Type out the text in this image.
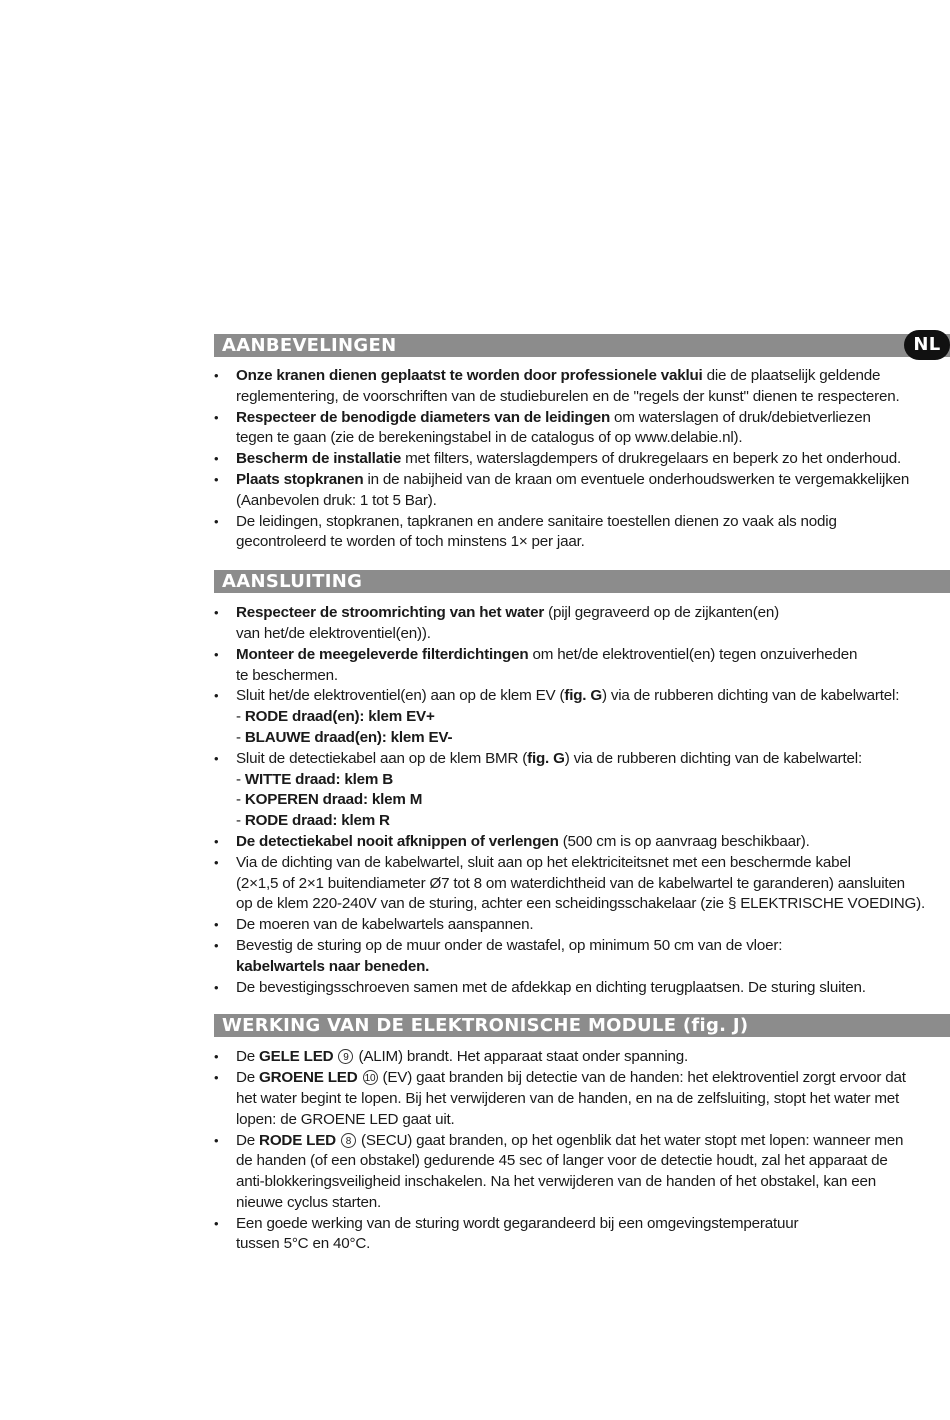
AANBEVELINGEN	NL
• Onze kranen dienen geplaatst te worden door professionele vaklui die de plaatselijk geldende
reglementering, de voorschriften van de studieburelen en de "regels der kunst" dienen te respecteren.
• Respecteer de benodigde diameters van de leidingen om waterslagen of druk/debietverliezen
tegen te gaan (zie de berekeningstabel in de catalogus of op www.delabie.nl).
• Bescherm de installatie met filters, waterslagdempers of drukregelaars en beperk zo het onderhoud.
• Plaats stopkranen in de nabijheid van de kraan om eventuele onderhoudswerken te vergemakkelijken
(Aanbevolen druk: 1 tot 5 Bar).
• De leidingen, stopkranen, tapkranen en andere sanitaire toestellen dienen zo vaak als nodig
gecontroleerd te worden of toch minstens 1× per jaar.
AANSLUITING
• Respecteer de stroomrichting van het water (pijl gegraveerd op de zijkanten(en)
van het/de elektroventiel(en)).
• Monteer de meegeleverde filterdichtingen om het/de elektroventiel(en) tegen onzuiverheden
te beschermen.
• Sluit het/de elektroventiel(en) aan op de klem EV (fig. G) via de rubberen dichting van de kabelwartel:
- RODE draad(en): klem EV+
- BLAUWE draad(en): klem EV-
• Sluit de detectiekabel aan op de klem BMR (fig. G) via de rubberen dichting van de kabelwartel:
- WITTE draad: klem B
- KOPEREN draad: klem M
- RODE draad: klem R
• De detectiekabel nooit afknippen of verlengen (500 cm is op aanvraag beschikbaar).
• Via de dichting van de kabelwartel, sluit aan op het elektriciteitsnet met een beschermde kabel
(2×1,5 of 2×1 buitendiameter Ø7 tot 8 om waterdichtheid van de kabelwartel te garanderen) aansluiten
op de klem 220-240V van de sturing, achter een scheidingsschakelaar (zie § ELEKTRISCHE VOEDING).
• De moeren van de kabelwartels aanspannen.
• Bevestig de sturing op de muur onder de wastafel, op minimum 50 cm van de vloer:
kabelwartels naar beneden.
• De bevestigingsschroeven samen met de afdekkap en dichting terugplaatsen. De sturing sluiten.
WERKING VAN DE ELEKTRONISCHE MODULE (fig. J)
• De GELE LED 9 (ALIM) brandt. Het apparaat staat onder spanning.
• De GROENE LED 10 (EV) gaat branden bij detectie van de handen: het elektroventiel zorgt ervoor dat
het water begint te lopen. Bij het verwijderen van de handen, en na de zelfsluiting, stopt het water met
lopen: de GROENE LED gaat uit.
• De RODE LED 8 (SECU) gaat branden, op het ogenblik dat het water stopt met lopen: wanneer men
de handen (of een obstakel) gedurende 45 sec of langer voor de detectie houdt, zal het apparaat de
anti-blokkeringsveiligheid inschakelen. Na het verwijderen van de handen of het obstakel, kan een
nieuwe cyclus starten.
• Een goede werking van de sturing wordt gegarandeerd bij een omgevingstemperatuur
tussen 5°C en 40°C.
